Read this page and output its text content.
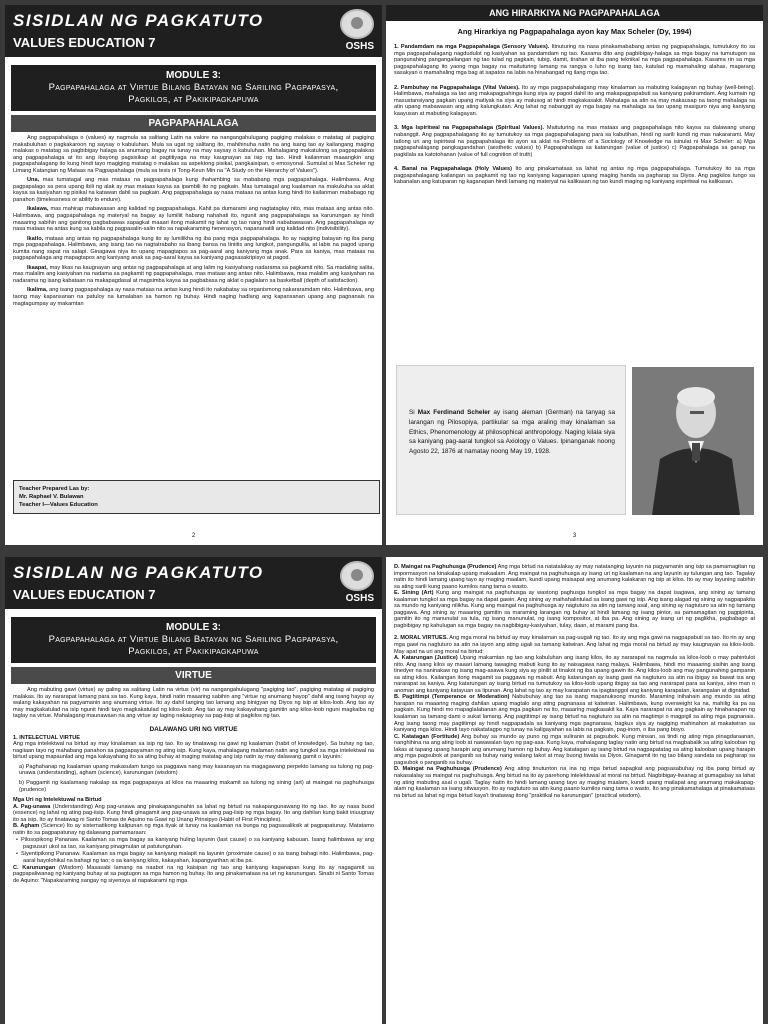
SISIDLAN NG PAGKATUTO
VALUES EDUCATION 7	OSHS
MODULE 3:
Pagpapahalaga at Virtue Bilang Batayan ng Sariling Pagpapasya,
Pagkilos, at Pakikipagkapuwa
PAGPAPAHALAGA
Ang pagpapahalaga o (values) ay nagmula sa salitang Latin na valore na nangangahulugang pagiging malakas o matatag at pagiging makabuluhan o pagkakaroon ng saysay o kabuluhan. Mula sa ugat ng salitang ito, mahihinuha natin na ang isang tao ay kailangang maging malakas o matatag sa pagbibigay halaga sa anumang bagay na tunay na may saysay o kabuluhan. Mahalagang makatulong sa pagpapalakas ang pagpapahalaga at ito ang ibayong pagsisikap at pagtitiyaga na may kaugnayan sa isip ng tao. Hindi kailanman maaangkin ang pagpapahalagang ito kung hindi tayo magiging matatag o malakas sa aspektong pisikal, pangkaisipan, o emosyonal. Sumulat si Max Scheler ng Limang Katangian ng Mataas na Pagpapahalaga (mula sa tesis ni Tong-Keun Min na "A Study on the Hierarchy of Values").
Una, mas tumatagal ang mas mataas na pagpapahalaga kung ihahambing sa mababang mga pagpapahalaga. Halimbawa, Ang pagpapalago sa pera upang ibili ng alak ay mas mataas kaysa sa ipambili ito ng pagkain. Mas tumatagal ang kaalaman na makukuha sa aklat kaysa sa kasiyahan ng pisikal na katawan dahil sa pagkain. Ang pagpapahalaga ay nasa mataas na antas kung hindi ito kailanman mababago ng panahon (timelessness or ability to endure).
Ikalawa, mas mahirap mabawasan ang kalidad ng pagpapahalaga. Kahit pa dumarami ang nagtataglay nito, mas mataas ang antas nito. Halimbawa, ang pagpapahalaga ng materyal na bagay ay lumiliit habang nahahati ito, ngunit ang pagpapahalaga sa karunungan ay hindi maaaring sabihin ang ganitong pagbabawas sapagkat maaari itong makamit ng lahat ng tao nang hindi nababawasan. Ang pagpapahalaga ay nasa mataas na antas kung sa kabila ng pagpasalin-salin nito sa napakaraming henerasyon, napananatili ang kalidad nito (indivisibility).
Ikatlo, mataas ang antas ng pagpapahalaga kung ito ay lumilikha ng iba pang mga pagpapahalaga. Ito ay nagiging batayan ng iba pang mga pagpapahalaga. Halimbawa, ang isang tao na nagtatrabaho sa ibang bansa na tiniitis ang lungkot, pangungulila, at labis na pagod upang kumita nang sapat na salapi. Ginagawa niya ito upang mapagtapos sa pag-aaral ang kaniyang mga anak. Para sa kaniya, mas mataas na pagpapahalaga ang mapagtapos ang kaniyang anak sa pag-aaral kaysa sa kaniyang pagsasakripisyo at pagod.
Ikaapat, may likas na kaugnayan ang antas ng pagpapahalaga at ang lalim ng kasiyahang nadarama sa pagkamit nito. Sa madaling salita, mas malalim ang kasiyahan na nadama sa pagkamit ng pagpapahalaga, mas mataas ang antas nito. Halimbawa, mas malalim ang kasiyahan na nadarama ng isang kabataan na makapagdasal at magsimba kaysa sa pagbabasa ng aklat o paglalaro sa basketball (depth of satisfaction).
Ikalima, ang isang pagpapahalaga ay nasa mataas na antas kung hindi ito nakabatay sa organismong nakararamdam nito. Halimbawa, ang taong may kapansanan na patuloy na lumalaban sa hamon ng buhay. Hindi naging hadlang ang kapansanan upang ang pagnanais na magtagumpay ay makamtan
Teacher Prepared Las by:
Mr. Raphael V. Bulawan
Teacher I—Values Education
2
ANG HIRARKIYA NG PAGPAPAHALAGA
Ang Hirarkiya ng Pagpapahalaga ayon kay Max Scheler (Dy, 1994)
1. Pandamdam na mga Pagpapahalaga (Sensory Values). Itinuturing na nasa pinakamababang antas ng pagpapahalaga, tumutukoy ito sa mga pagpapahalagang nagdudulot ng kasiyahan sa pandamdam ng tao. Kasama dito ang pagbibigay-halaga sa mga bagay na tumutugon sa pangunahing pangangailangan ng tao tulad ng pagkain, tubig, damit, tirahan at iba pang teknikal na mga pagpapahalaga. Kasama rin sa mga pagpapahalagang ito yaong mga bagay na maituturing lamang na rangya o luho ng isang tao, katulad ng mamahaling alahas, magarang sasakyan o mamahaling mga bag at sapatos na labis na hinahangad ng ilang mga tao.
2. Pambuhay na Pagpapahalaga (Vital Values). Ito ay mga pagpapahalagang may kinalaman sa mabuting kalagayan ng buhay (well-being). Halimbawa, mahalaga sa tao ang makapagpahinga kung siya ay pagod dahil ito ang makapagpapabuti sa kaniyang pakiramdam. Ang kumain ng masustansiyang pagkain upang matiyak na siya ay malusog at hindi magkakasakit. Mahalaga sa atin na may makausap na taong mahalaga sa atin upang mabawasan ang ating kalungkutan. Ang lahat ng nabanggit ay mga bagay na mahalaga sa tao upang masiguro niya ang kaniyang kaayusan at mabuting kalagayan.
3. Mga Ispiritwal na Pagpapahalaga (Spiritual Values). Maituturing na mas mataas ang pagpapahalaga nito kaysa sa dalawang unang nabanggit. Ang pagpapahalagang ito ay tumutukoy sa mga pagpapahalagang para sa kabutihan, hindi ng sarili kundi ng mas nakararami. May tatlong uri ang ispiritwal na pagpapahalaga ito ayon sa aklat na Problems of a Sociology of Knowledge na isinulat ni Max Scheler: a) Mga pagpapahalagang pangkagandahan (aesthetic values) b) Pagpapahalaga sa katarungan (value of justice) c) Pagpapahalaga sa ganap na pagkilala sa katotohanan (value of full cognition of truth)
4. Banal na Pagpapahalaga (Holy Values) Ito ang pinakamataas sa lahat ng antas ng mga pagpapahalaga. Tumutukoy ito sa mga pagpapahalagang kailangan sa pagkamit ng tao ng kaniyang kaganapan upang maging handa sa pagharap sa Diyos. Ang pagkilos tungo sa kabanalan ang katuparan ng kaganapan hindi lamang ng materyal na kalikasan ng tao kundi maging ng kaniyang espiritwal na kalikasan.
Si Max Ferdinand Scheler ay isang aleman (German) na tanyag sa larangan ng Pilosopiya, partikular sa mga araling may kinalaman sa Ethics, Phenomenology at philosophical anthropology. Naging kilala siya sa kaniyang pag-aaral tungkol sa Axiology o Values. Ipinanganak noong Agosto 22, 1876 at namatay noong May 19, 1928.
3
SISIDLAN NG PAGKATUTO
VALUES EDUCATION 7	OSHS
MODULE 3:
Pagpapahalaga at Virtue Bilang Batayan ng Sariling Pagpapasya,
Pagkilos, at Pakikipagkapuwa
VIRTUE
Ang mabuting gawi (virtue) ay galing sa salitang Latin na virtus (vir) na nangangahulugang "pagiging tao", pagiging matatag at pagiging malakas. Ito ay nararapat lamang para sa tao. Kung kaya, hindi natin maaaring sabihin ang "virtue ng anumang hayop" dahil ang isang hayop ay walang kakayahan na pagyamanin ang anumang virtue. Ito ay dahil tanging tao lamang ang binigyan ng Diyos ng isip at kilos-loob. Ang tao ay may magkakatulad na isip ngunit hindi tayo magkakatulad ng kilos-loob. Ang tao ay may kakayahang gamitin ang kilos-loob nguni magkaiba ng taglay na virtue. Mahalagang maunawaan na ang virtue ay laging nakaugnay sa pag-iisip at pagkilos ng tao.
DALAWANG URI NG VIRTUE
1. INTELECTUAL VIRTUE
Ang mga intelektwal na birtud ay may kinalaman sa isip ng tao. Ito ay tinatawag na gawi ng kaalaman (habit of knowledge). Sa buhay ng tao, nagiiaan tayo ng mahabang panahon sa pagpapayaman ng ating isip. Kung kaya, mahalagang malaman natin ang tungkol sa mga intelektwal na birtud upang mapaunlad ang mga kakayahang ito sa ating buhay at maging matatag ang isip natin ay may dalawang gamit o layunin:
a) Paghahanap ng kaalaman upang makasulam tungo sa paggawa nang may kasanayan na magagawang perpekto lamang sa tulong ng pag-unawa (understanding), agham (science), karunungan (wisdom)
b) Paggamit ng kaalamang nakalap sa mga pagpapasya at kilos na maaaring makamit sa tulong ng sining (art) at maingat na paghuhusga (prudence)
Mga Uri ng Intelektuwal na Birtud
A. Pag-unawa (Understanding) Ang pag-unawa ang pinakapangunahin sa lahat ng birtud na nakapangunawang ito ng tao. Ito ay nasa buod (essence) ng lahat ng ating pag-iisip. Kung hindi ginagamit ang pag-unawa sa ating pag-iisip ng mga bagay. Ito ang dahilan kung bakit iniuugnay ito sa isip. Ito ay tinatawag ni Santo Tomas de Aquino na Gawi ng Unang Prinsipyo (Habit of First Principles).
B. Agham (Science) Ito ay sistematikong kalipunan ng mga tiyak at tunay na kaalaman na bunga ng pagsasaliksik at pagpapatunay. Matatamo natin ito sa pagpapatunay ng dalawang pamamaraan:
• Pilosopikong Pananaw. Kaalaman sa mga bagay sa kaniyang huling layunin (last cause) o sa kaniyang kabuuan. Isang halimbawa ay ang pagsusuri ukol sa tao, sa kaniyang pinagmulan at patutunguhan.
• Siyentipikong Pananaw. Kaalaman sa mga bagay sa kaniyang malapit na layunin (proximate cause) o sa isang bahagi nito. Halimbawa, pag-aaral bayolohikal na bahagi ng tao; o sa kaniyang kilos, kakayahan, kapangyarihan at iba pa.
C. Karunungan (Wisdom) Masasabi lamang na naabot na ng kaisipan ng tao ang kaniyang kaganapan kung ito ay nagagamit sa pagpapaliwanag ng kaniyang buhay at sa pagtugon sa mga hamon ng buhay. Ito ang pinakamataas na uri ng karunungan. Sinabi ni Santo Tomas de Aquino: "Napakaraming sangay ng siyensya at napakarami ng mga
D. Maingat na Paghuhusga (Prudence) Ang mga birtud na natatalakay ay may natatanging layunin na pagyamanin ang isip sa pamamagitan ng impormasyon na kinakalap upang makaalam. Ang maingat na paghuhusga ay isang uri ng kaalaman na ang layunin ay tulungan ang tao. Tagalay natin ito hindi lamang upang tayo ay maging maalam, kundi upang maisapat ang anumang kalakaran ng isip at kilos. Ito ay may layuning sabihin sa ating sarili kung paano kumilos nang tama o wasto.
E. Sining (Art) Kung ang maingat na paghuhusga ay wastong paghusga tungkol sa mga bagay na dapat isagawa, ang sining ay tamang kaalaman tungkol sa mga bagay na dapat gawin. Ang sining ay maihahalintulad sa isang gawi ng isip. Ang isang alagad ng sining ay nagpapakita sa mundo ng kaniyang nilikha. Kung ang maingat na paghuhusga ay nagtuturo sa atin ng tamang asal, ang sining ay nagtuturo sa atin ng tamang paggawa. Ang sining ay maaaring gamitin sa maraming larangan ng buhay at hindi lamang ng isang pintor, sa pamamagitan ng pagpipinta, gamitin ito ng manunulat sa tula, ng isang manunulat, ng isang kompositor, at iba pa. Ang sining ay isang uri ng paglikha, pagbabago at pagbibigay ng kahulugan sa mga bagay na nagbibigay-kasiyahan, tulay, daan, at marami pang iba.
2. MORAL VIRTUES. Ang mga moral na birtud ay may kinalaman sa pag-uugali ng tao. Ito ay ang mga gawi na nagpapabuti sa tao. Ito rin ay ang mga gawi na nagtuturo sa atin na iayon ang ating ugali sa tamang katwiran. Ang lahat ng mga moral na birtud ay may kaugnayan sa kilos-loob. May apat na uri ang moral na birtud:
A. Katarungan (Justice) Upang makamtan ng tao ang kabuluhan ang isang kilos, ito ay nararapat na nagmula sa kilos-loob o may pahintulot nito. Ang isang kilos ay maaari lamang tawaging mabuti kung ito ay naisagawa nang malaya. Halimbawa, hindi mo maaaring sisihin ang isang tinedyer na naninakaw ng isang mag-asawa kung siya ay pinilit at tinakot ng iba upang gawin ito. Ang kilos-loob ang may pangunahing gampanin sa ating kilos. Kailangan itong magamit sa paggawa ng mabuti. Ang katarungan ay isang gawi na nagtuturo sa atin na ibigay sa bawat isa ang nararapat sa kaniya. Ang katarungan ay isang birtud na tumutukoy sa kilos-loob upang ibigay sa tao ang nararapat para sa kaniya, sino man o anoman ang kaniyang katayuan sa lipunan. Ang lahat ng tao ay may karapatan na ipagtanggol ang kaniyang karapatan, karangalan at dignidad.
B. Pagtitimpi (Temperance or Moderation) Nabubuhay ang tao sa isang mapanuksong mundo. Maraming inihahain ang mundo sa ating harapan na maaaring maging dahilan upang magtalo ang ating pagnanasa at katwiran. Halimbawa, kung overweight ka na, mahilig ka pa sa pagkain. Kung hindi mo mapaglalabanan ang mga pagkain na ito, maaaring magkasakit ka. Kaya nararapat na ang pagkain ay hinahanapan ng kaalaman sa tamang dami o sukat lamang. Ang pagtitimpi ay isang birtud na nagtuturo sa atin na magtimpi o magpigil sa ating mga pagnanais. Ang isang taong may pagtitimpi ay hindi nagpapadala sa kaniyang mga pagnanasa, bagkus siya ay nagiging mahinahon at makatwiran sa kaniyang mga kilos. Hindi tayo nakatatagpo ng tunay na kaligayahan sa labis na pagkain, pag-inom, o iba pang bisyo.
C. Katatagan (Fortitude) Ang buhay sa mundo ay puno ng mga suliranin at pagsubok. Kung minsan, sa tindi ng ating mga pinagdaraanan, nanghihina na ang ating loob at nawawalan tayo ng pag-asa. Kung kaya, mahalagang taglay natin ang birtud na magbabalik sa ating kalooban ng lakas at tapang upang harapin ang anumang hamon ng buhay. Ang katatagan ay isang birtud na nagpapatatag sa ating kalooban upang harapin ang mga pagsubok at panganib sa buhay nang walang takot at may buong tiwala sa Diyos. Ginagamit ito ng tao bilang sandata sa pagharap sa pagsubok o panganib sa buhay.
D. Maingat na Paghuhusga (Prudence) Ang ating tinutunton na ina ng mga birtud sapagkat ang pagsasabuhay ng iba pang birtud ay nakasalalay sa maingat na paghuhusga. Ang birtud na ito ay parehong intelektuwal at moral na birtud. Nagbibigay-liwanag at gumagabay sa lahat ng ating mabuting asal o ugali. Taglay natin ito hindi lamang upang tayo ay maging maalam, kundi upang mailapat ang anumang makakapag-alam ng kaalaman sa isang sitwasyon. Ito ay nagtuturo sa atin kung paano kumilos nang tama o wasto. Ito ang pinakamahalaga at pinakamataas na birtud sa lahat ng mga birtud kaya't tinatawag itong "praktikal na karunungan" (practical wisdom).
